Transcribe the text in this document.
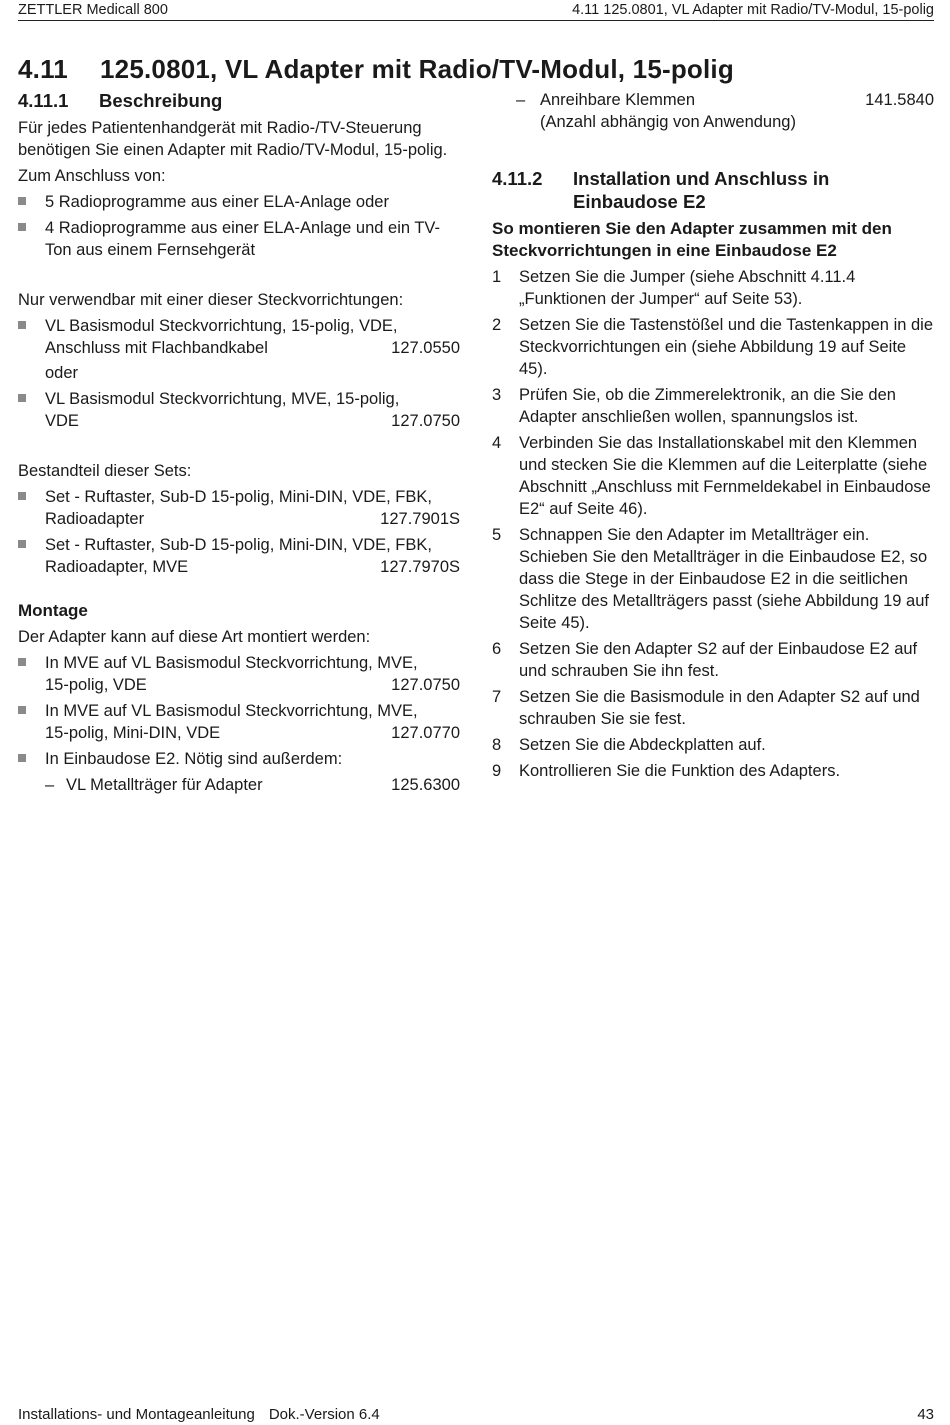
ZETTLER Medicall 800	4.11 125.0801, VL Adapter mit Radio/TV-Modul, 15-polig
4.11 125.0801, VL Adapter mit Radio/TV-Modul, 15-polig
4.11.1 Beschreibung

Für jedes Patientenhandgerät mit Radio-/TV-Steuerung benötigen Sie einen Adapter mit Radio/TV-Modul, 15-polig.

Zum Anschluss von:

5 Radioprogramme aus einer ELA-Anlage oder
4 Radioprogramme aus einer ELA-Anlage und ein TV-Ton aus einem Fernsehgerät

Nur verwendbar mit einer dieser Steckvorrichtungen:

VL Basismodul Steckvorrichtung, 15-polig, VDE,
Anschluss mit Flachbandkabel	127.0550

oder

VL Basismodul Steckvorrichtung, MVE, 15-polig,
VDE	127.0750

Bestandteil dieser Sets:

Set - Ruftaster, Sub-D 15-polig, Mini-DIN, VDE, FBK,
Radioadapter	127.7901S
Set - Ruftaster, Sub-D 15-polig, Mini-DIN, VDE, FBK,
Radioadapter, MVE	127.7970S
Montage

Der Adapter kann auf diese Art montiert werden:

In MVE auf VL Basismodul Steckvorrichtung, MVE,
15-polig, VDE	127.0750
In MVE auf VL Basismodul Steckvorrichtung, MVE,
15-polig, Mini-DIN, VDE	127.0770
In Einbaudose E2. Nötig sind außerdem:
– VL Metallträger für Adapter	125.6300
– Anreihbare Klemmen	141.5840
(Anzahl abhängig von Anwendung)
4.11.2	Installation und Anschluss in Einbaudose E2
So montieren Sie den Adapter zusammen mit den Steckvorrichtungen in eine Einbaudose E2
1 Setzen Sie die Jumper (siehe Abschnitt 4.11.4 „Funktionen der Jumper“ auf Seite 53).
2 Setzen Sie die Tastenstößel und die Tastenkappen in die Steckvorrichtungen ein (siehe Abbildung 19 auf Seite 45).
3 Prüfen Sie, ob die Zimmerelektronik, an die Sie den Adapter anschließen wollen, spannungslos ist.
4 Verbinden Sie das Installationskabel mit den Klemmen und stecken Sie die Klemmen auf die Leiterplatte (siehe Abschnitt „Anschluss mit Fernmeldekabel in Einbaudose E2“ auf Seite 46).
5 Schnappen Sie den Adapter im Metallträger ein. Schieben Sie den Metallträger in die Einbaudose E2, so dass die Stege in der Einbaudose E2 in die seitlichen Schlitze des Metallträgers passt (siehe Abbildung 19 auf Seite 45).
6 Setzen Sie den Adapter S2 auf der Einbaudose E2 auf und schrauben Sie ihn fest.
7 Setzen Sie die Basismodule in den Adapter S2 auf und schrauben Sie sie fest.
8 Setzen Sie die Abdeckplatten auf.
9 Kontrollieren Sie die Funktion des Adapters.
Installations- und Montageanleitung Dok.-Version 6.4	43
